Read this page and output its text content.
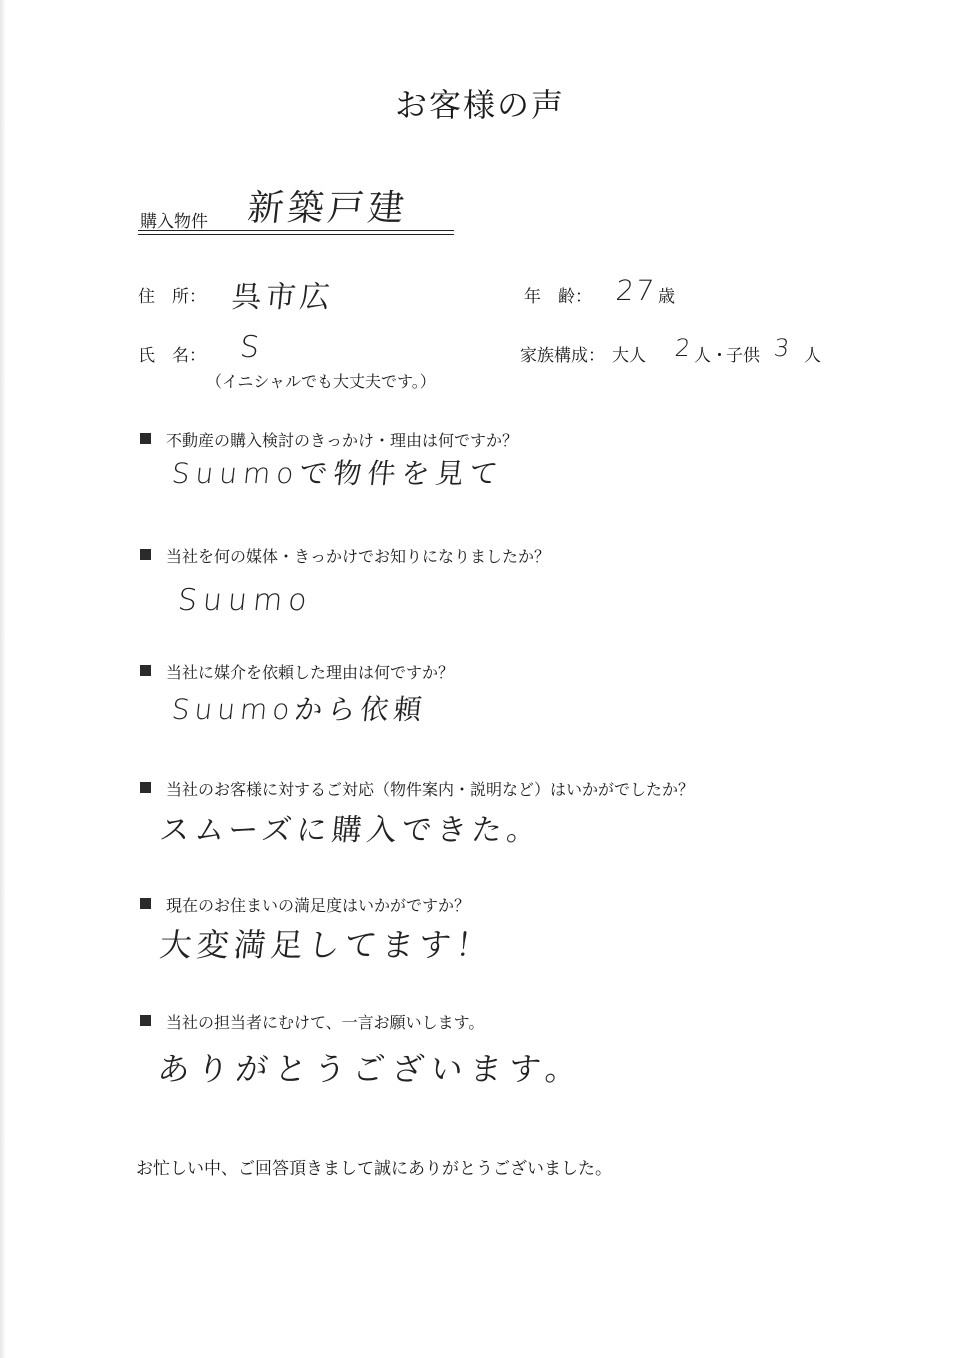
お客様の声
購入物件 新築戸建
住　所： 呉市広	年　齢： 27 歳
氏　名： S
（イニシャルでも大丈夫です。）
家族構成： 大人 2 人・
子供 3 人
不動産の購入検討のきっかけ・理由は何ですか？
Suumoで物件を見て
当社を何の媒体・きっかけでお知りになりましたか？
Suumo
当社に媒介を依頼した理由は何ですか？
Suumoから依頼
当社のお客様に対するご対応（物件案内・説明など）はいかがでしたか？
スムーズに購入できた。
現在のお住まいの満足度はいかがですか？
大変満足してます！
当社の担当者にむけて、一言お願いします。
ありがとうございます。
お忙しい中、ご回答頂きまして誠にありがとうございました。
